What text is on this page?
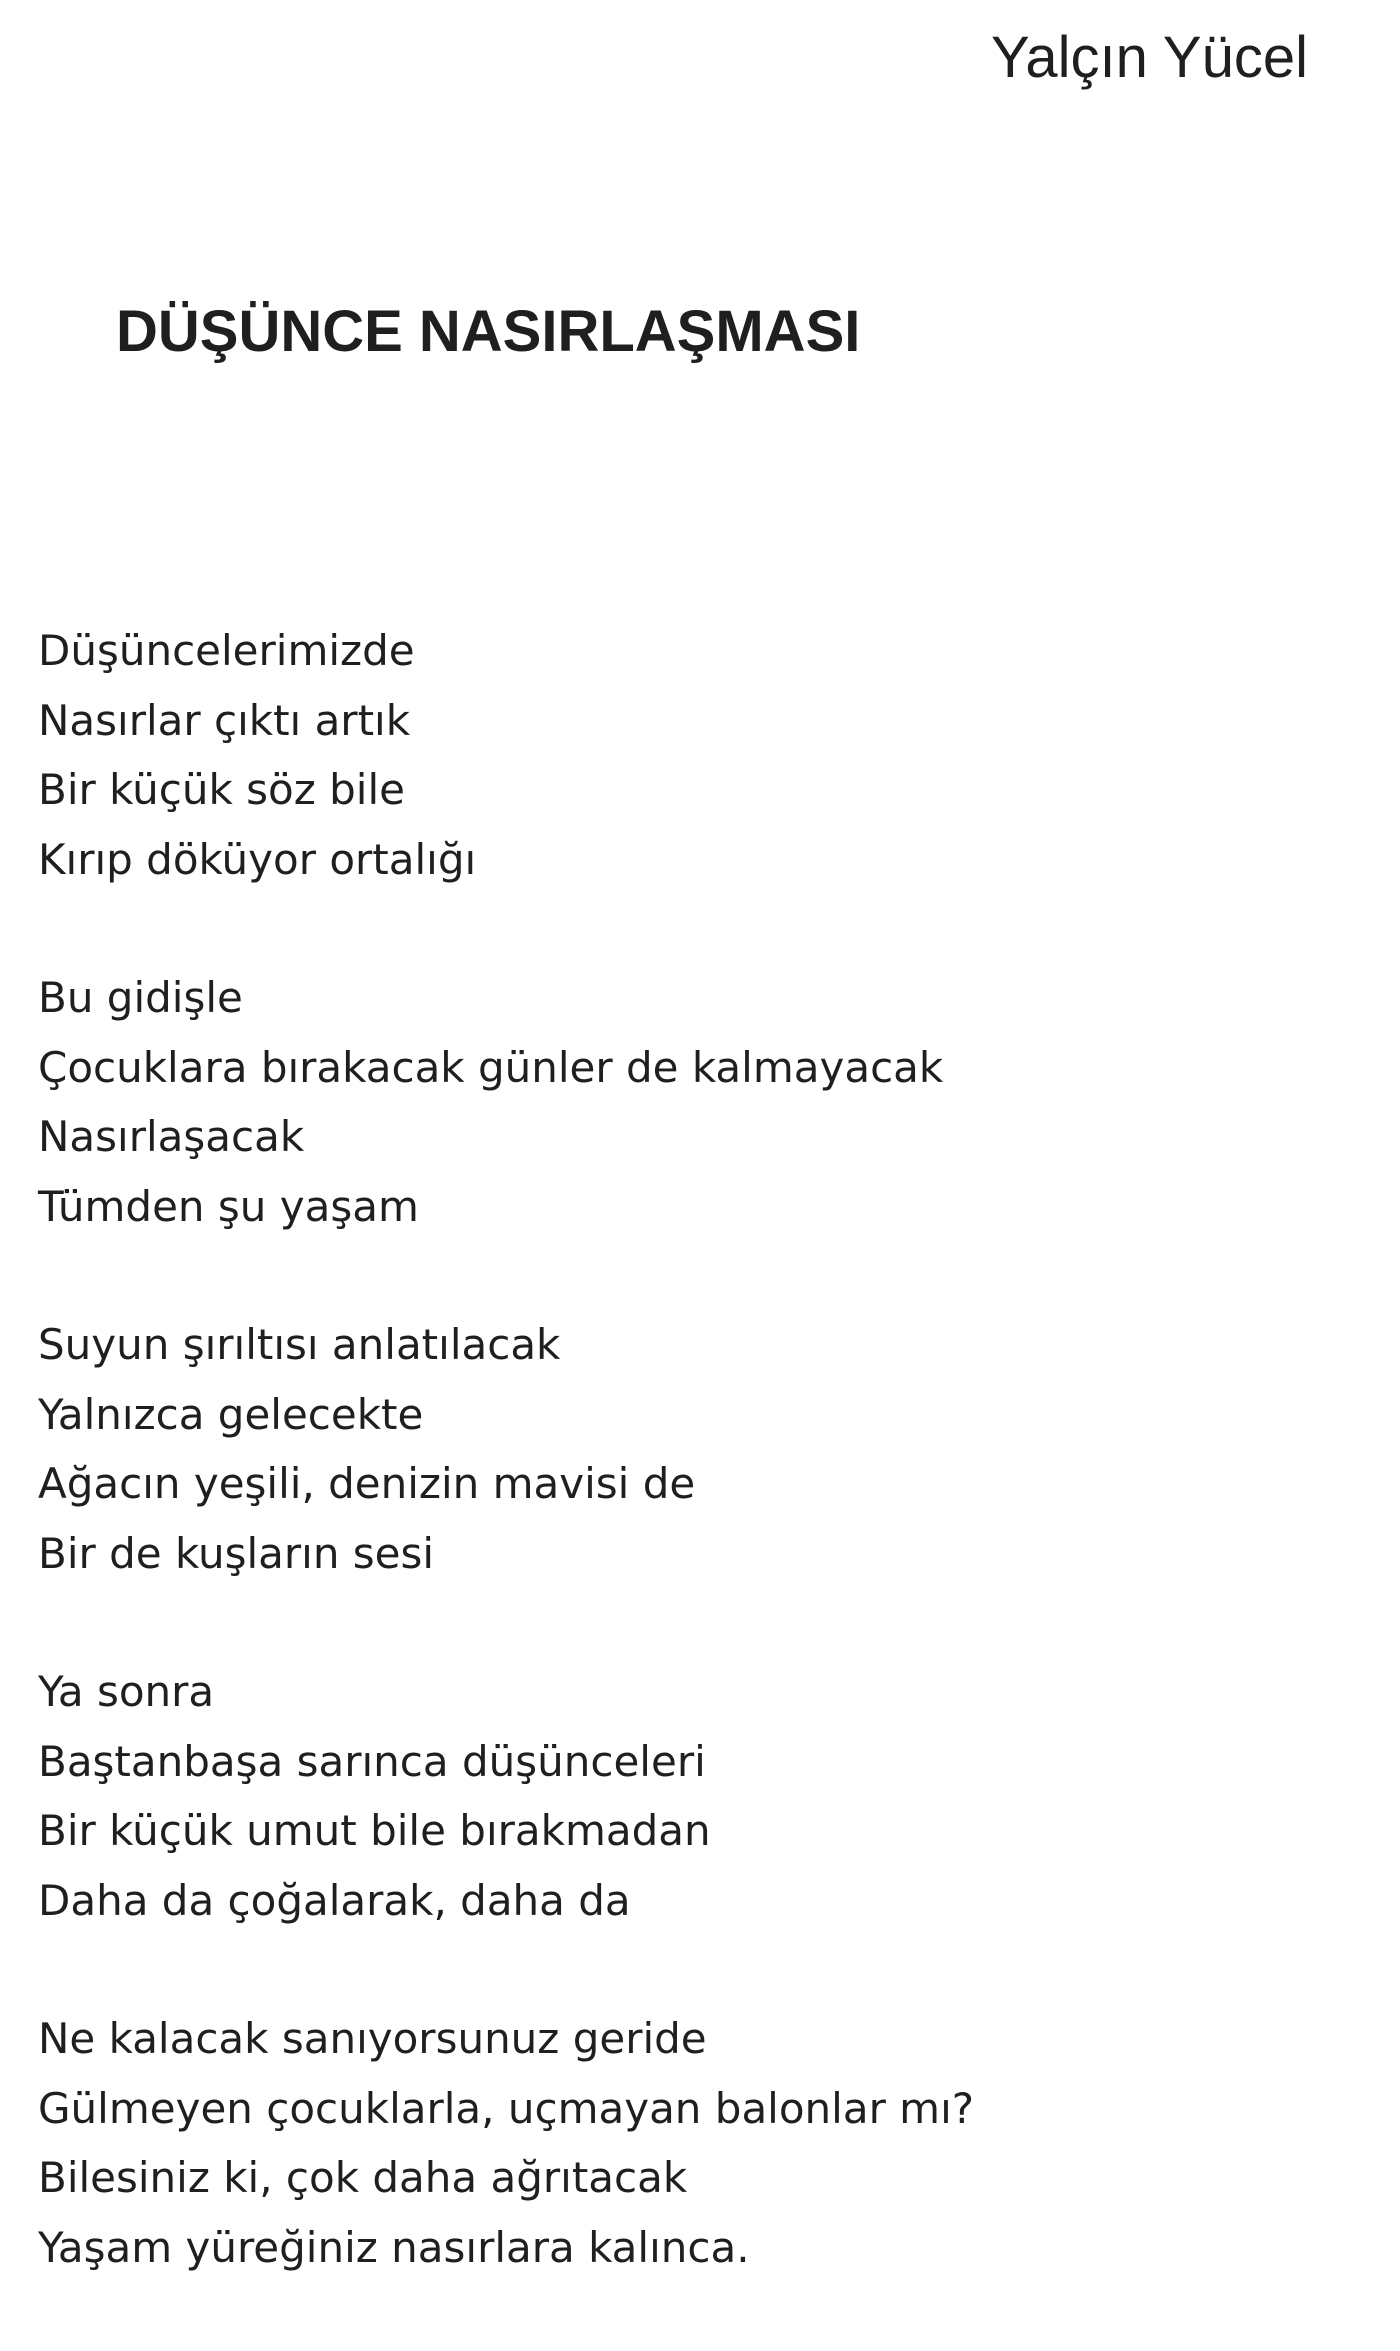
Yalçın Yücel
DÜŞÜNCE NASIRLAŞMASI
Düşüncelerimizde
Nasırlar çıktı artık
Bir küçük söz bile
Kırıp döküyor ortalığı
Bu gidişle
Çocuklara bırakacak günler de kalmayacak
Nasırlaşacak
Tümden şu yaşam
Suyun şırıltısı anlatılacak
Yalnızca gelecekte
Ağacın yeşili, denizin mavisi de
Bir de kuşların sesi
Ya sonra
Baştanbaşa sarınca düşünceleri
Bir küçük umut bile bırakmadan
Daha da çoğalarak, daha da
Ne kalacak sanıyorsunuz geride
Gülmeyen çocuklarla, uçmayan balonlar mı?
Bilesiniz ki, çok daha ağrıtacak
Yaşam yüreğiniz nasırlara kalınca.
